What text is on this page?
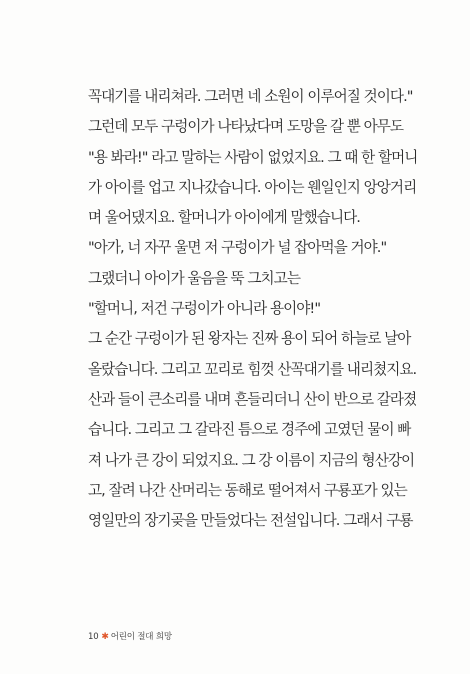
꼭대기를 내리쳐라. 그러면 네 소원이 이루어질 것이다."
그런데 모두 구렁이가 나타났다며 도망을 갈 뿐 아무도
"용 봐라!" 라고 말하는 사람이 없었지요. 그 때 한 할머니
가 아이를 업고 지나갔습니다. 아이는 웬일인지 앙앙거리
며 울어댔지요. 할머니가 아이에게 말했습니다.
"아가, 너 자꾸 울면 저 구렁이가 널 잡아먹을 거야."
그랬더니 아이가 울음을 뚝 그치고는
"할머니, 저건 구렁이가 아니라 용이야!"
그 순간 구렁이가 된 왕자는 진짜 용이 되어 하늘로 날아
올랐습니다. 그리고 꼬리로 힘껏 산꼭대기를 내리쳤지요.
산과 들이 큰소리를 내며 흔들리더니 산이 반으로 갈라졌
습니다. 그리고 그 갈라진 틈으로 경주에 고였던 물이 빠
져 나가 큰 강이 되었지요. 그 강 이름이 지금의 형산강이
고, 잘려 나간 산머리는 동해로 떨어져서 구룡포가 있는
영일만의 장기곶을 만들었다는 전설입니다. 그래서 구룡
10 ✱ 어린이 절대 희망
